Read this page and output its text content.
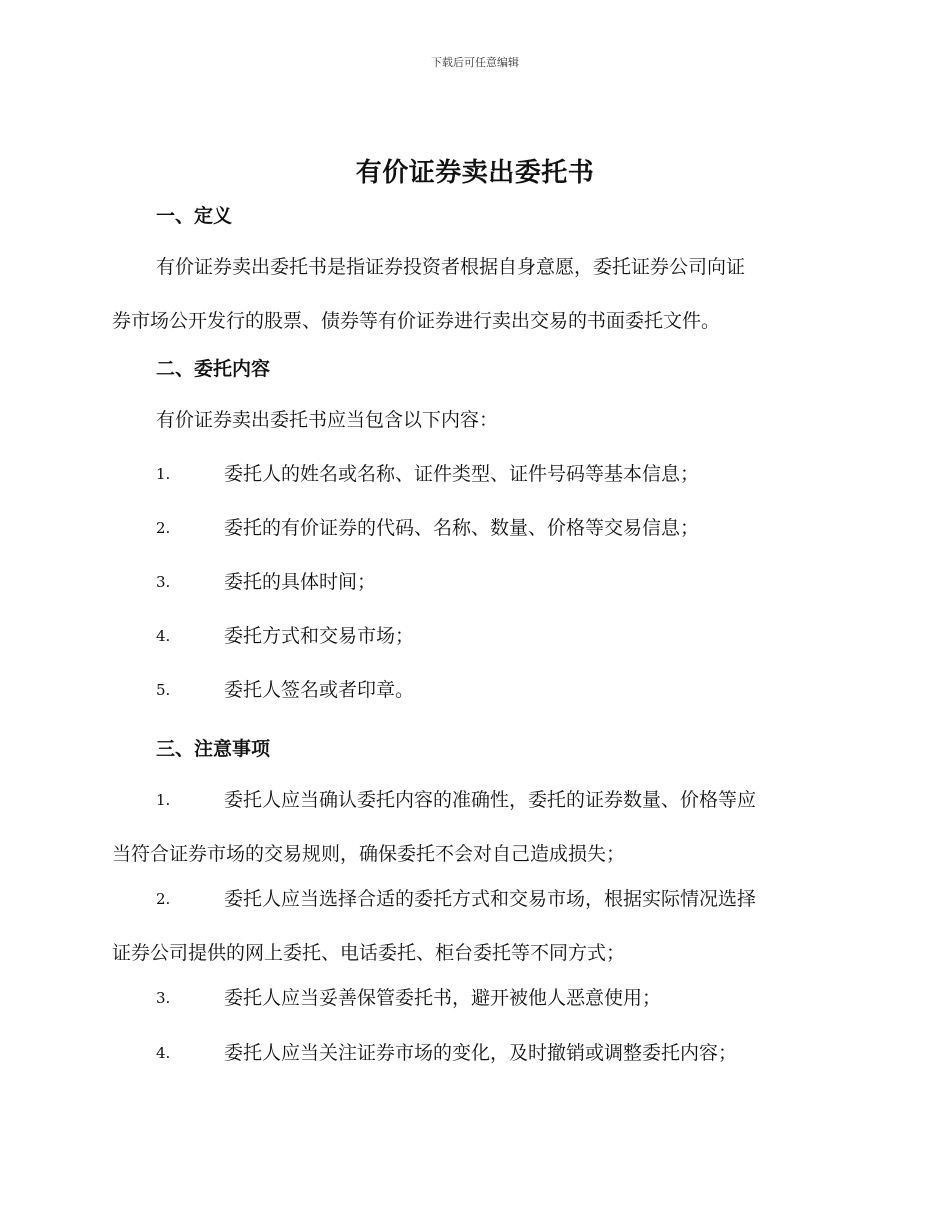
下载后可任意编辑
有价证券卖出委托书
一、定义
有价证券卖出委托书是指证券投资者根据自身意愿，委托证券公司向证
券市场公开发行的股票、债券等有价证券进行卖出交易的书面委托文件。
二、委托内容
有价证券卖出委托书应当包含以下内容：
1.	委托人的姓名或名称、证件类型、证件号码等基本信息；
2.	委托的有价证券的代码、名称、数量、价格等交易信息；
3.	委托的具体时间；
4.	委托方式和交易市场；
5.	委托人签名或者印章。
三、注意事项
1.	委托人应当确认委托内容的准确性，委托的证券数量、价格等应
当符合证券市场的交易规则，确保委托不会对自己造成损失；
2.	委托人应当选择合适的委托方式和交易市场，根据实际情况选择
证券公司提供的网上委托、电话委托、柜台委托等不同方式；
3.	委托人应当妥善保管委托书，避开被他人恶意使用；
4.	委托人应当关注证券市场的变化，及时撤销或调整委托内容；
